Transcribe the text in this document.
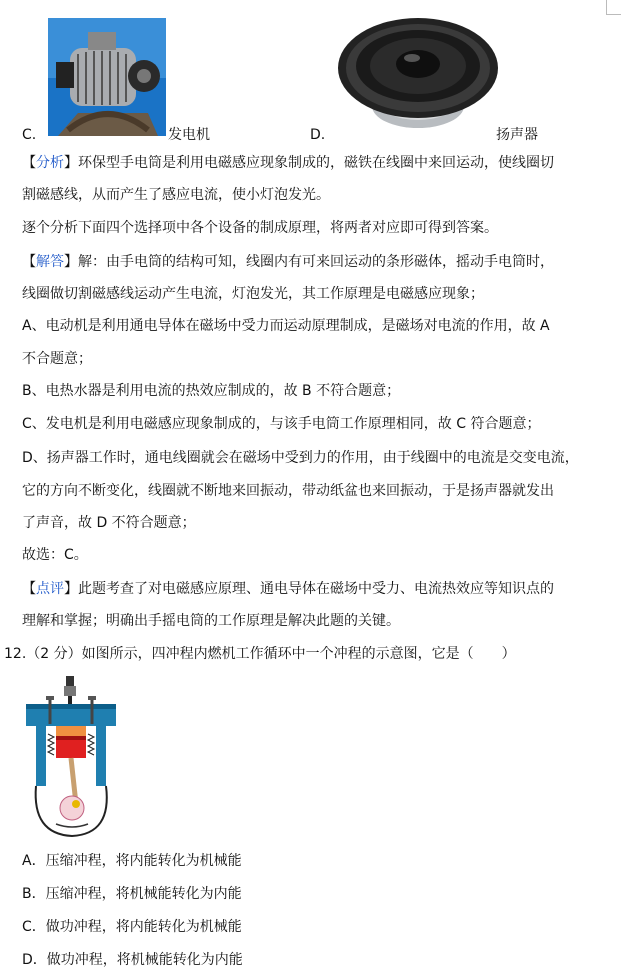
C.	发电机	D.	扬声器
【分析】环保型手电筒是利用电磁感应现象制成的，磁铁在线圈中来回运动，使线圈切
割磁感线，从而产生了感应电流，使小灯泡发光。
逐个分析下面四个选择项中各个设备的制成原理，将两者对应即可得到答案。
【解答】解：由手电筒的结构可知，线圈内有可来回运动的条形磁体，摇动手电筒时，
线圈做切割磁感线运动产生电流，灯泡发光，其工作原理是电磁感应现象；
A、电动机是利用通电导体在磁场中受力而运动原理制成，是磁场对电流的作用，故 A
不合题意；
B、电热水器是利用电流的热效应制成的，故 B 不符合题意；
C、发电机是利用电磁感应现象制成的，与该手电筒工作原理相同，故 C 符合题意；
D、扬声器工作时，通电线圈就会在磁场中受到力的作用，由于线圈中的电流是交变电流，
它的方向不断变化，线圈就不断地来回振动，带动纸盆也来回振动，于是扬声器就发出
了声音，故 D 不符合题意；
故选：C。
【点评】此题考查了对电磁感应原理、通电导体在磁场中受力、电流热效应等知识点的
理解和掌握；明确出手摇电筒的工作原理是解决此题的关键。
12.（2 分）如图所示，四冲程内燃机工作循环中一个冲程的示意图，它是（　　）
A．压缩冲程，将内能转化为机械能
B．压缩冲程，将机械能转化为内能
C．做功冲程，将内能转化为机械能
D．做功冲程，将机械能转化为内能
